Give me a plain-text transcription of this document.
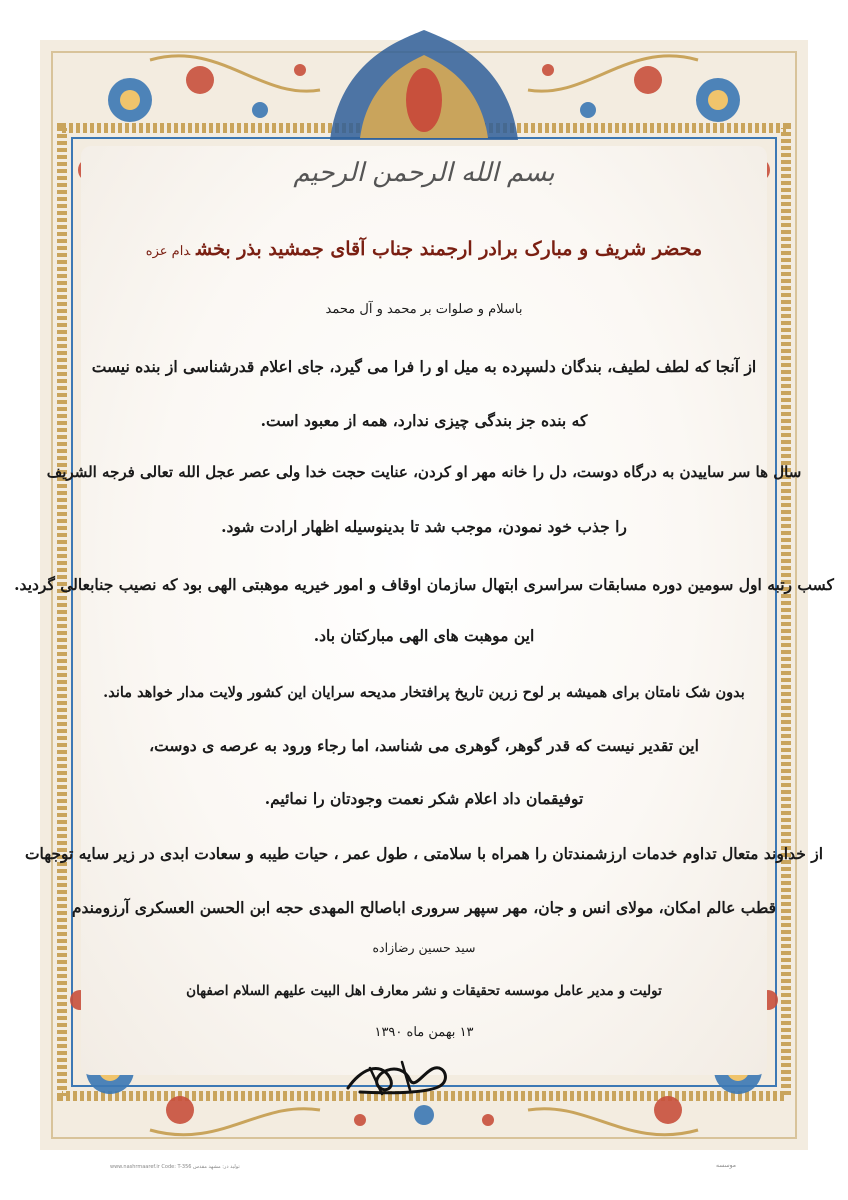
بسم الله الرحمن الرحیم
محضر شریف و مبارک برادر ارجمند جناب آقای جمشید بذر بخشدام عزه
باسلام و صلوات بر محمد و آل محمد
از آنجا که لطف لطیف، بندگان دلسپرده به میل او را فرا می گیرد، جای اعلام قدرشناسی از بنده نیست
که بنده جز بندگی چیزی ندارد، همه از معبود است.
سال ها سر ساییدن به درگاه دوست، دل را خانه مهر او کردن، عنایت حجت خدا ولی عصر عجل الله تعالی فرجه الشریف
را جذب خود نمودن، موجب شد تا بدینوسیله اظهار ارادت شود.
کسب رتبه اول سومین دوره مسابقات سراسری ابتهال سازمان اوقاف و امور خیریه موهبتی الهی بود که نصیب جنابعالی گردید.
این موهبت های الهی مبارکتان باد.
بدون شک نامتان برای همیشه بر لوح زرین تاریخ پرافتخار مدیحه سرایان این کشور ولایت مدار خواهد ماند.
این تقدیر نیست که قدر گوهر، گوهری می شناسد، اما رجاء ورود به عرصه ی دوست،
توفیقمان داد اعلام شکر نعمت وجودتان را نمائیم.
از خداوند متعال تداوم خدمات ارزشمندتان را همراه با سلامتی ، طول عمر ، حیات طیبه و سعادت ابدی در زیر سایه توجهات
قطب عالم امکان، مولای انس و جان، مهر سپهر سروری اباصالح المهدی حجه ابن الحسن العسکری آرزومندم
سید حسین رضازاده
تولیت و مدیر عامل موسسه تحقیقات و نشر معارف اهل البیت علیهم السلام اصفهان
۱۳ بهمن ماه ۱۳۹۰
www.nashrmaaref.ir Code: T-356 تولید در: مشهد مقدس	موسسه
